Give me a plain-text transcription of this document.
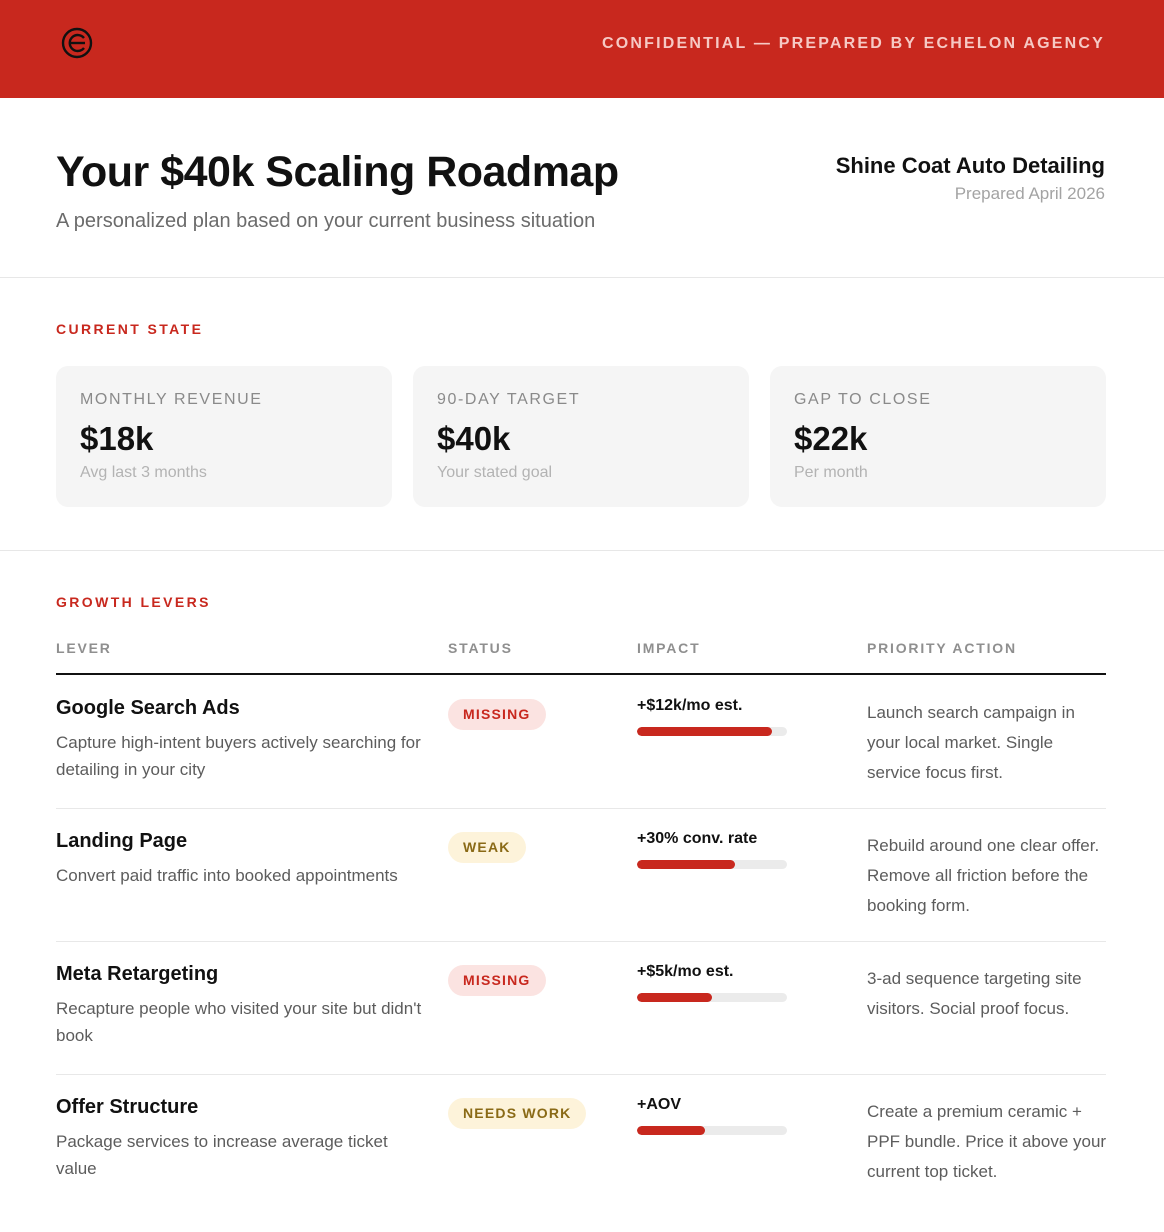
CONFIDENTIAL — PREPARED BY ECHELON AGENCY
Your $40k Scaling Roadmap
A personalized plan based on your current business situation
Shine Coat Auto Detailing
Prepared April 2026
CURRENT STATE
MONTHLY REVENUE
$18k
Avg last 3 months
90-DAY TARGET
$40k
Your stated goal
GAP TO CLOSE
$22k
Per month
GROWTH LEVERS
LEVER	STATUS	IMPACT	PRIORITY ACTION
Google Search Ads
Capture high-intent buyers actively searching for detailing in your city
MISSING	+$12k/mo est.	Launch search campaign in your local market. Single service focus first.
Landing Page
Convert paid traffic into booked appointments
WEAK	+30% conv. rate	Rebuild around one clear offer. Remove all friction before the booking form.
Meta Retargeting
Recapture people who visited your site but didn't book
MISSING	+$5k/mo est.	3-ad sequence targeting site visitors. Social proof focus.
Offer Structure
Package services to increase average ticket value
NEEDS WORK	+AOV	Create a premium ceramic + PPF bundle. Price it above your current top ticket.
